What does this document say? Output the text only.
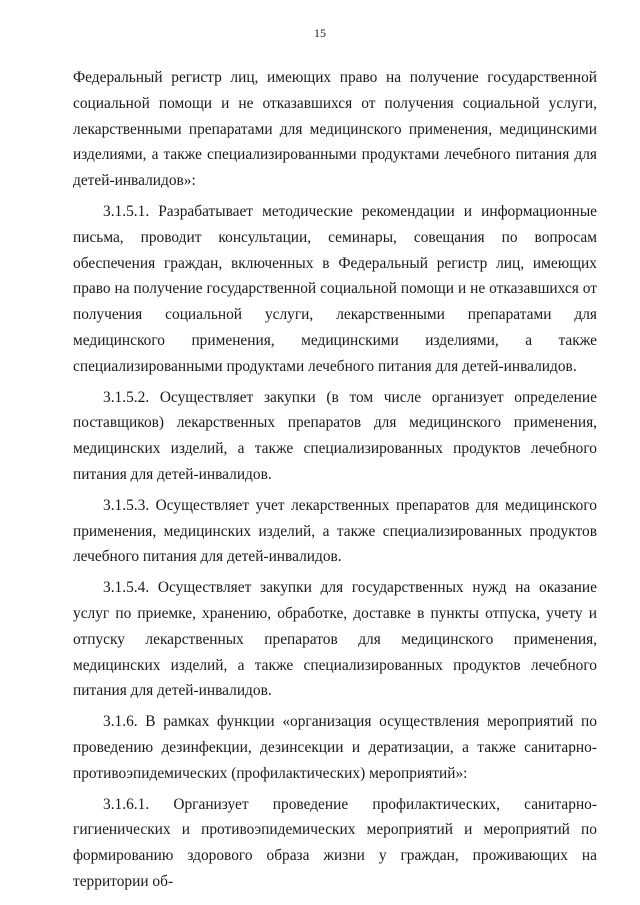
15

Федеральный регистр лиц, имеющих право на получение государственной социальной помощи и не отказавшихся от получения социальной услуги, лекарственными препаратами для медицинского применения, медицинскими изделиями, а также специализированными продуктами лечебного питания для детей-инвалидов»:

3.1.5.1. Разрабатывает методические рекомендации и информационные письма, проводит консультации, семинары, совещания по вопросам обеспечения граждан, включенных в Федеральный регистр лиц, имеющих право на получение государственной социальной помощи и не отказавшихся от получения социальной услуги, лекарственными препаратами для медицинского применения, медицинскими изделиями, а также специализированными продуктами лечебного питания для детей-инвалидов.

3.1.5.2. Осуществляет закупки (в том числе организует определение поставщиков) лекарственных препаратов для медицинского применения, медицинских изделий, а также специализированных продуктов лечебного питания для детей-инвалидов.

3.1.5.3. Осуществляет учет лекарственных препаратов для медицинского применения, медицинских изделий, а также специализированных продуктов лечебного питания для детей-инвалидов.

3.1.5.4. Осуществляет закупки для государственных нужд на оказание услуг по приемке, хранению, обработке, доставке в пункты отпуска, учету и отпуску лекарственных препаратов для медицинского применения, медицинских изделий, а также специализированных продуктов лечебного питания для детей-инвалидов.

3.1.6. В рамках функции «организация осуществления мероприятий по проведению дезинфекции, дезинсекции и дератизации, а также санитарно-противоэпидемических (профилактических) мероприятий»:

3.1.6.1. Организует проведение профилактических, санитарно-гигиенических и противоэпидемических мероприятий и мероприятий по формированию здорового образа жизни у граждан, проживающих на территории об-
